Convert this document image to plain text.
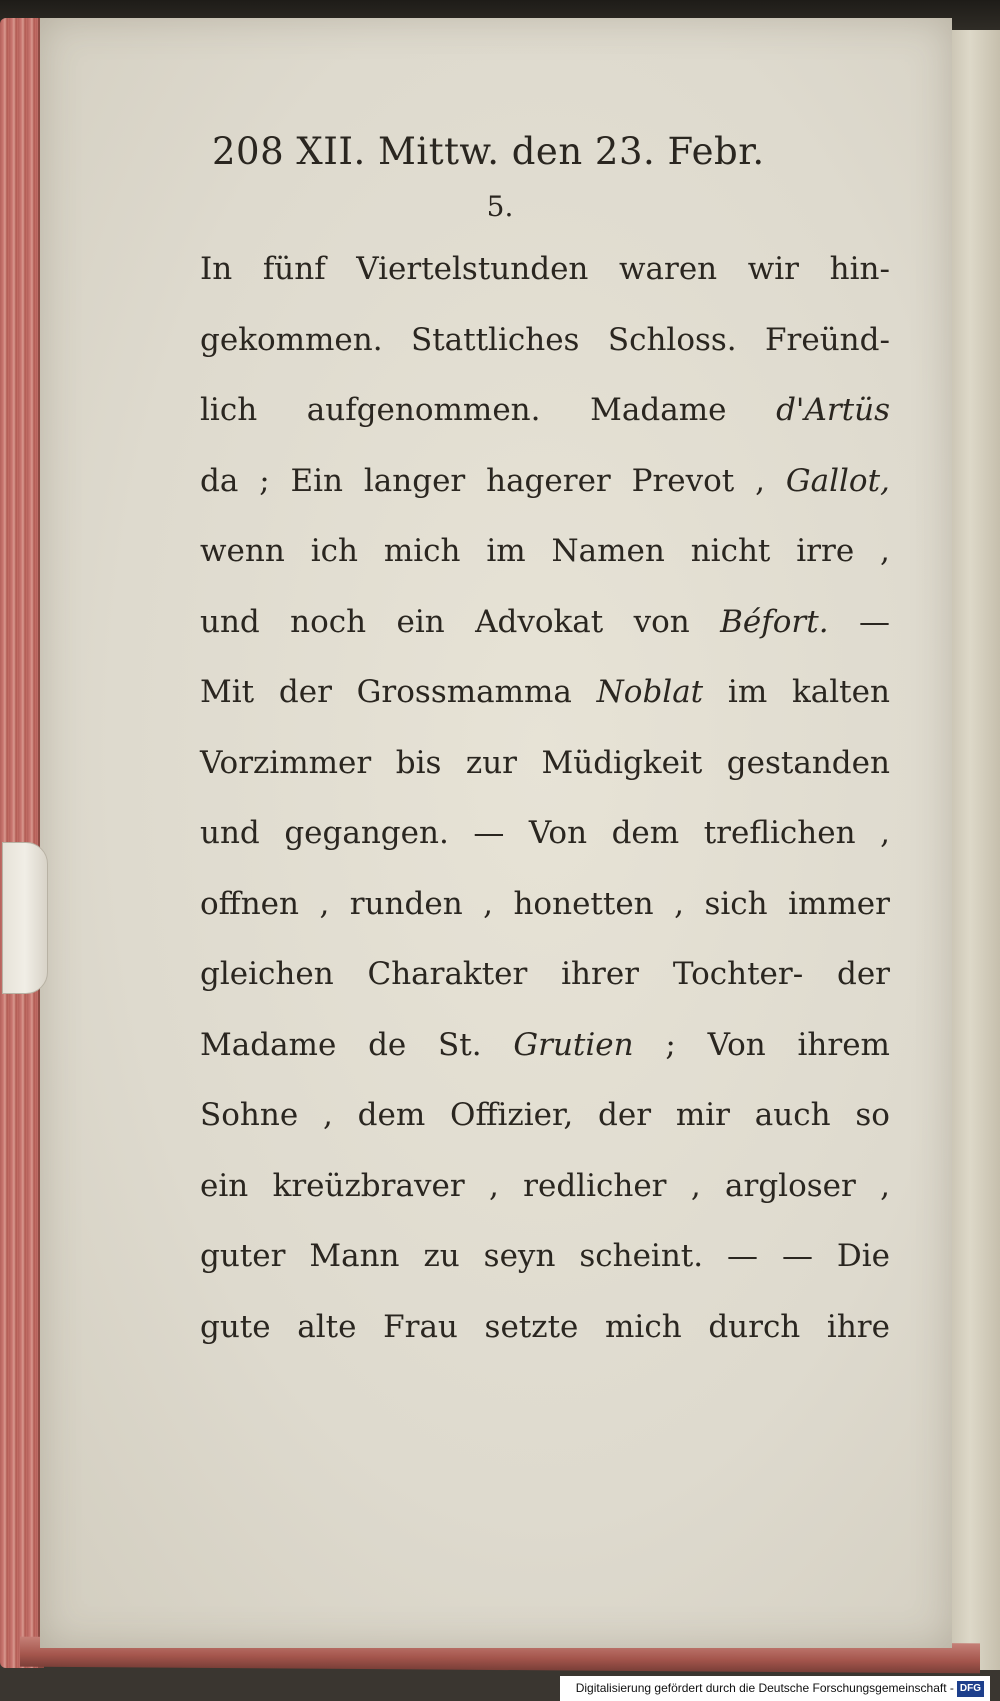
208 XII. Mittw. den 23. Febr.
5.
In fünf Viertelstunden waren wir hin-
gekommen. Stattliches Schloss. Freünd-
lich aufgenommen. Madame d'Artüs
da ; Ein langer hagerer Prevot , Gallot,
wenn ich mich im Namen nicht irre ,
und noch ein Advokat von Béfort. —
Mit der Grossmamma Noblat im kalten
Vorzimmer bis zur Müdigkeit gestanden
und gegangen. — Von dem treflichen ,
offnen , runden , honetten , sich immer
gleichen Charakter ihrer Tochter- der
Madame de St. Grutien ; Von ihrem
Sohne , dem Offizier, der mir auch so
ein kreüzbraver , redlicher , argloser ,
guter Mann zu seyn scheint. — — Die
gute alte Frau setzte mich durch ihre
Digitalisierung gefördert durch die Deutsche Forschungsgemeinschaft - DFG
